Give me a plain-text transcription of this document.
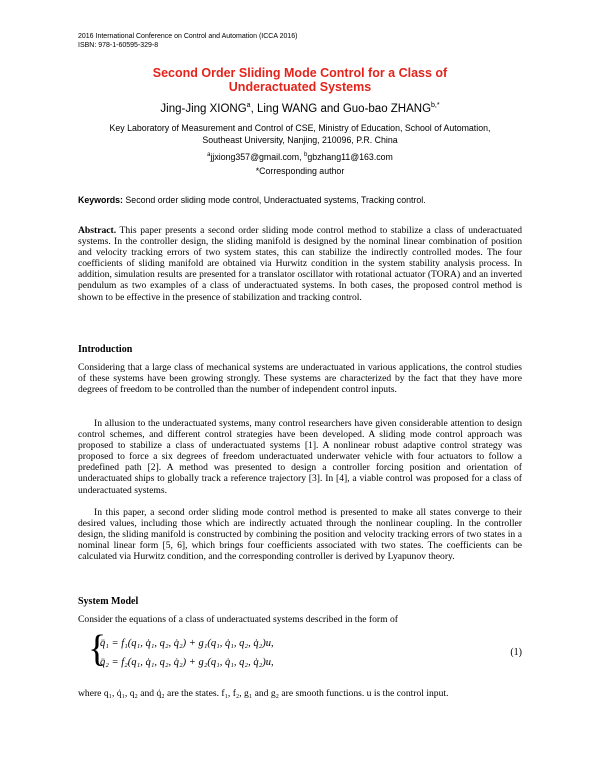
2016 International Conference on Control and Automation (ICCA 2016)
ISBN: 978-1-60595-329-8
Second Order Sliding Mode Control for a Class of
Underactuated Systems
Jing-Jing XIONG$^a$, Ling WANG and Guo-bao $ZHANG^{b,*}$
Key Laboratory of Measurement and Control of CSE, Ministry of Education, School of Automation,
Southeast University, Nanjing, 210096, P.R. China
$^a$jjxiong357@gmail.com, $^b$gbzhang11@163.com
*Corresponding author
Keywords: Second order sliding mode control, Underactuated systems, Tracking control.
Abstract. This paper presents a second order sliding mode control method to stabilize a class of underactuated systems. In the controller design, the sliding manifold is designed by the nominal linear combination of position and velocity tracking errors of two system states, this can stabilize the indirectly controlled modes. The four coefficients of sliding manifold are obtained via Hurwitz condition in the system stability analysis process. In addition, simulation results are presented for a translator oscillator with rotational actuator (TORA) and an inverted pendulum as two examples of a class of underactuated systems. In both cases, the proposed control method is shown to be effective in the presence of stabilization and tracking control.
Introduction
Considering that a large class of mechanical systems are underactuated in various applications, the control studies of these systems have been growing strongly. These systems are characterized by the fact that they have more degrees of freedom to be controlled than the number of independent control inputs.
In allusion to the underactuated systems, many control researchers have given considerable attention to design control schemes, and different control strategies have been developed. A sliding mode control approach was proposed to stabilize a class of underactuated systems [1]. A nonlinear robust adaptive control strategy was proposed to force a six degrees of freedom underactuated underwater vehicle with four actuators to follow a predefined path [2]. A method was presented to design a controller forcing position and orientation of underactuated ships to globally track a reference trajectory [3]. In [4], a viable control was proposed for a class of underactuated systems.
In this paper, a second order sliding mode control method is presented to make all states converge to their desired values, including those which are indirectly actuated through the nonlinear coupling. In the controller design, the sliding manifold is constructed by combining the position and velocity tracking errors of two states in a nominal linear form [5, 6], which brings four coefficients associated with two states. The coefficients can be calculated via Hurwitz condition, and the corresponding controller is derived by Lyapunov theory.
System Model
Consider the equations of a class of underactuated systems described in the form of
{
q̈₁ = f₁(q₁, q̇₁, q₂, q̇₂) + g₁(q₁, q̇₁, q₂, q̇₂)u,
q̈₂ = f₂(q₁, q̇₁, q₂, q̇₂) + g₂(q₁, q̇₁, q₂, q̇₂)u,
(1)
where q₁, q̇₁, q₂ and q̇₂ are the states. f₁, f₂, g₁ and g₂ are smooth functions. u is the control input.
